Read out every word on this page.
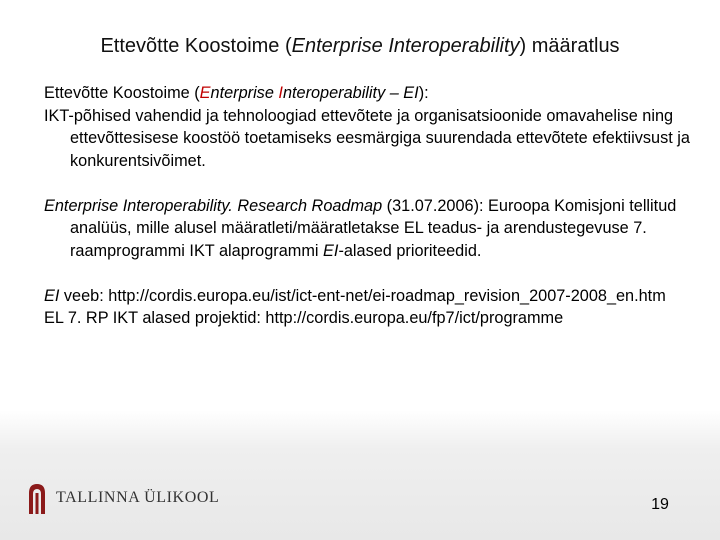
Ettevõtte Koostoime (Enterprise Interoperability) määratlus

Ettevõtte Koostoime (Enterprise Interoperability – EI):

IKT-põhised vahendid ja tehnoloogiad ettevõtete ja organisatsioonide omavahelise ning ettevõttesisese koostöö toetamiseks eesmärgiga suurendada ettevõtete efektiivsust ja konkurentsivõimet.

Enterprise Interoperability. Research Roadmap (31.07.2006): Euroopa Komisjoni tellitud analüüs, mille alusel määratleti/määratletakse EL teadus- ja arendustegevuse 7. raamprogrammi IKT alaprogrammi EI-alased prioriteedid.

EI veeb: http://cordis.europa.eu/ist/ict-ent-net/ei-roadmap_revision_2007-2008_en.htm

EL 7. RP IKT alased projektid: http://cordis.europa.eu/fp7/ict/programme

TALLINNA ÜLIKOOL	19
